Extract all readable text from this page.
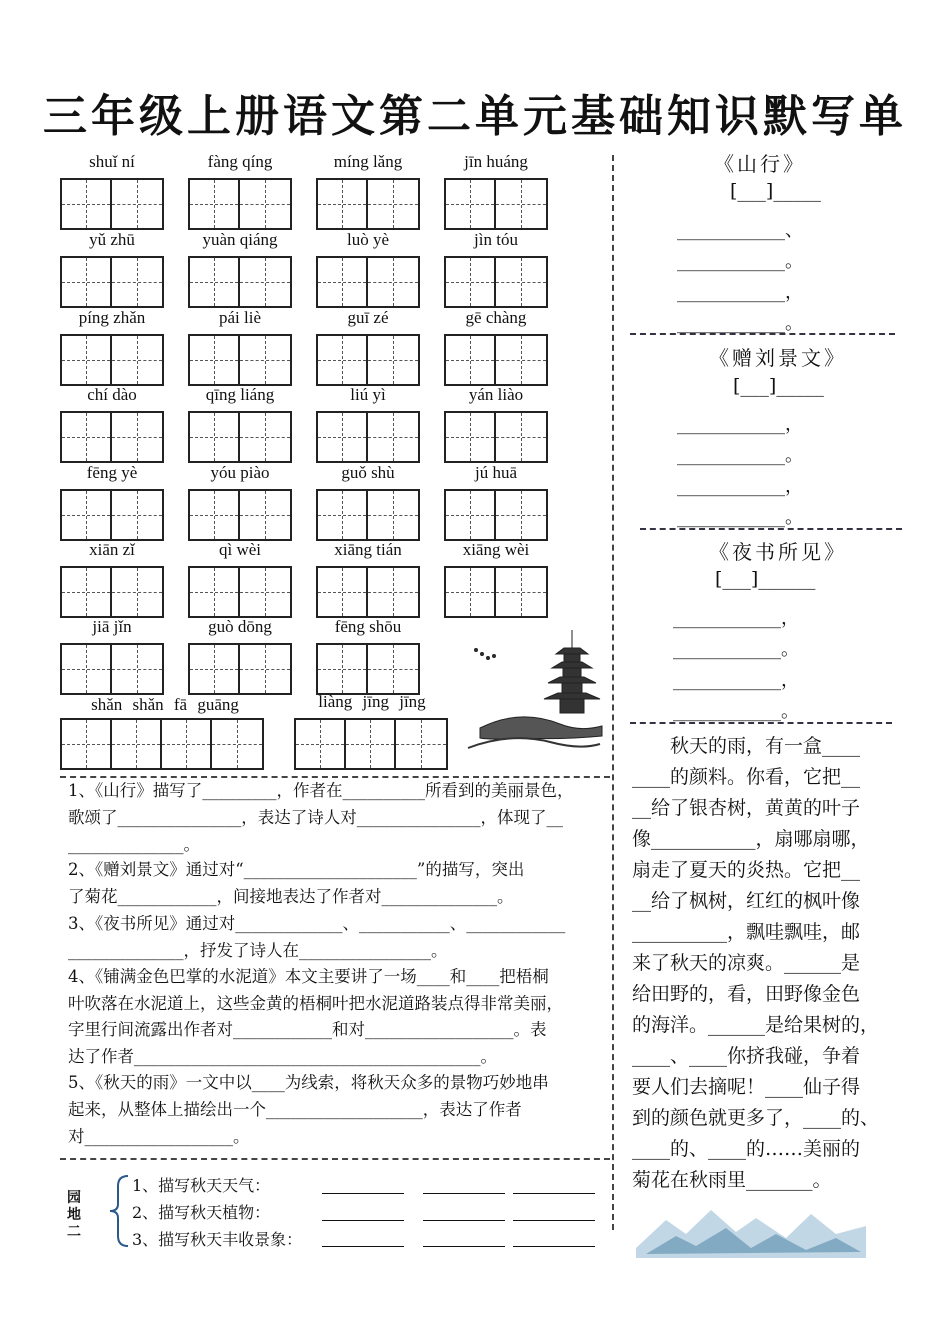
三年级上册语文第二单元基础知识默写单
shuǐ ní	fàng qíng	míng lǎng	jīn huáng
yǔ zhū	yuàn qiáng	luò yè	jìn tóu
píng zhǎn	pái liè	guī zé	gē chàng
chí dào	qīng liáng	liú yì	yán liào
fēng yè	yóu piào	guǒ shù	jú huā
xiān zǐ	qì wèi	xiāng tián	xiāng wèi
jiā jǐn	guò dōng	fēng shōu
shǎn shǎn fā guāng	liàng jīng jīng
《山行》
[___]_____
____________、
____________。
____________，
____________。
《赠刘景文》
[___]_____
____________，
____________。
____________，
____________。
《夜书所见》
[___]______
____________，
____________。
____________，
____________。
1、《山行》描写了_________，作者在__________所看到的美丽景色，
歌颂了_______________，表达了诗人对_______________，体现了__
______________。
2、《赠刘景文》通过对“_____________________”的描写，突出
了菊花____________，间接地表达了作者对______________。
3、《夜书所见》通过对_____________、___________、____________
______________，抒发了诗人在________________。
4、《铺满金色巴掌的水泥道》本文主要讲了一场____和____把梧桐
叶吹落在水泥道上，这些金黄的梧桐叶把水泥道路装点得非常美丽，
字里行间流露出作者对____________和对__________________。表
达了作者__________________________________________。
5、《秋天的雨》一文中以____为线索，将秋天众多的景物巧妙地串
起来，从整体上描绘出一个___________________，表达了作者
对__________________。
园地二
1、描写秋天天气：
2、描写秋天植物：
3、描写秋天丰收景象：
　　秋天的雨，有一盒____
____的颜料。你看，它把__
__给了银杏树，黄黄的叶子
像___________，扇哪扇哪，
扇走了夏天的炎热。它把__
__给了枫树，红红的枫叶像
__________，飘哇飘哇，邮
来了秋天的凉爽。______是
给田野的，看，田野像金色
的海洋。______是给果树的，
____、____你挤我碰，争着
要人们去摘呢！____仙子得
到的颜色就更多了，____的、
____的、____的……美丽的
菊花在秋雨里_______。
